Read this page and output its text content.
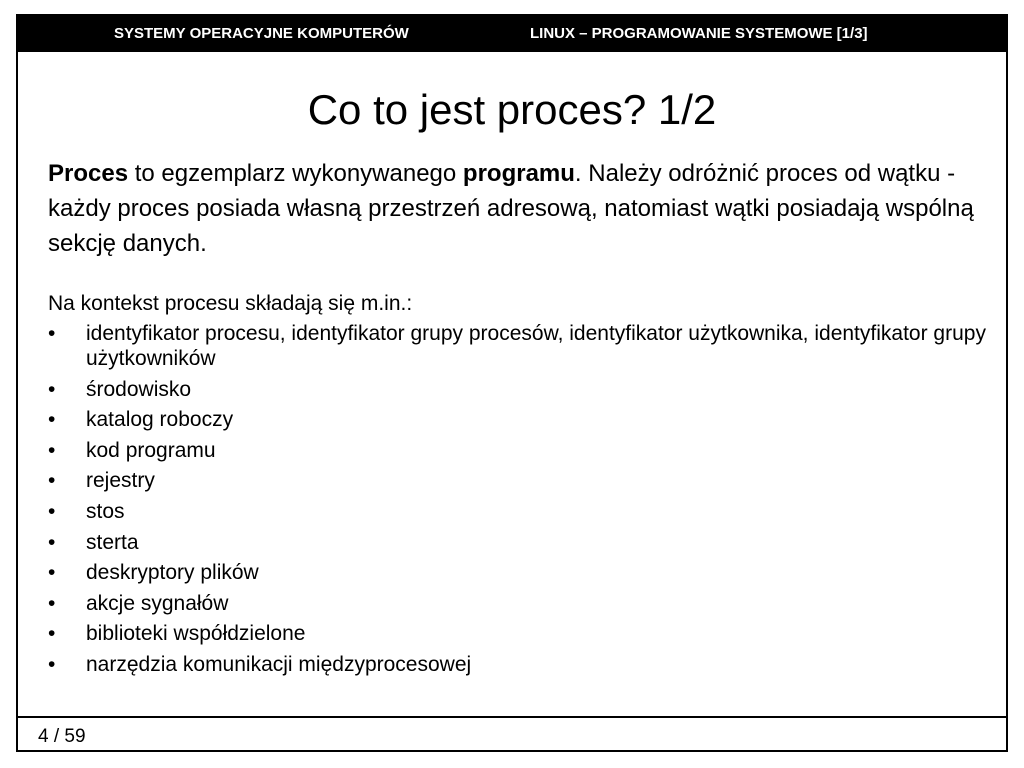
SYSTEMY OPERACYJNE KOMPUTERÓW	LINUX – PROGRAMOWANIE SYSTEMOWE [1/3]
Co to jest proces? 1/2
Proces to egzemplarz wykonywanego programu. Należy odróżnić proces od wątku - każdy proces posiada własną przestrzeń adresową, natomiast wątki posiadają wspólną sekcję danych.
Na kontekst procesu składają się m.in.:
• identyfikator procesu, identyfikator grupy procesów, identyfikator użytkownika, identyfikator grupy użytkowników
• środowisko
• katalog roboczy
• kod programu
• rejestry
• stos
• sterta
• deskryptory plików
• akcje sygnałów
• biblioteki współdzielone
• narzędzia komunikacji międzyprocesowej
4 / 59
